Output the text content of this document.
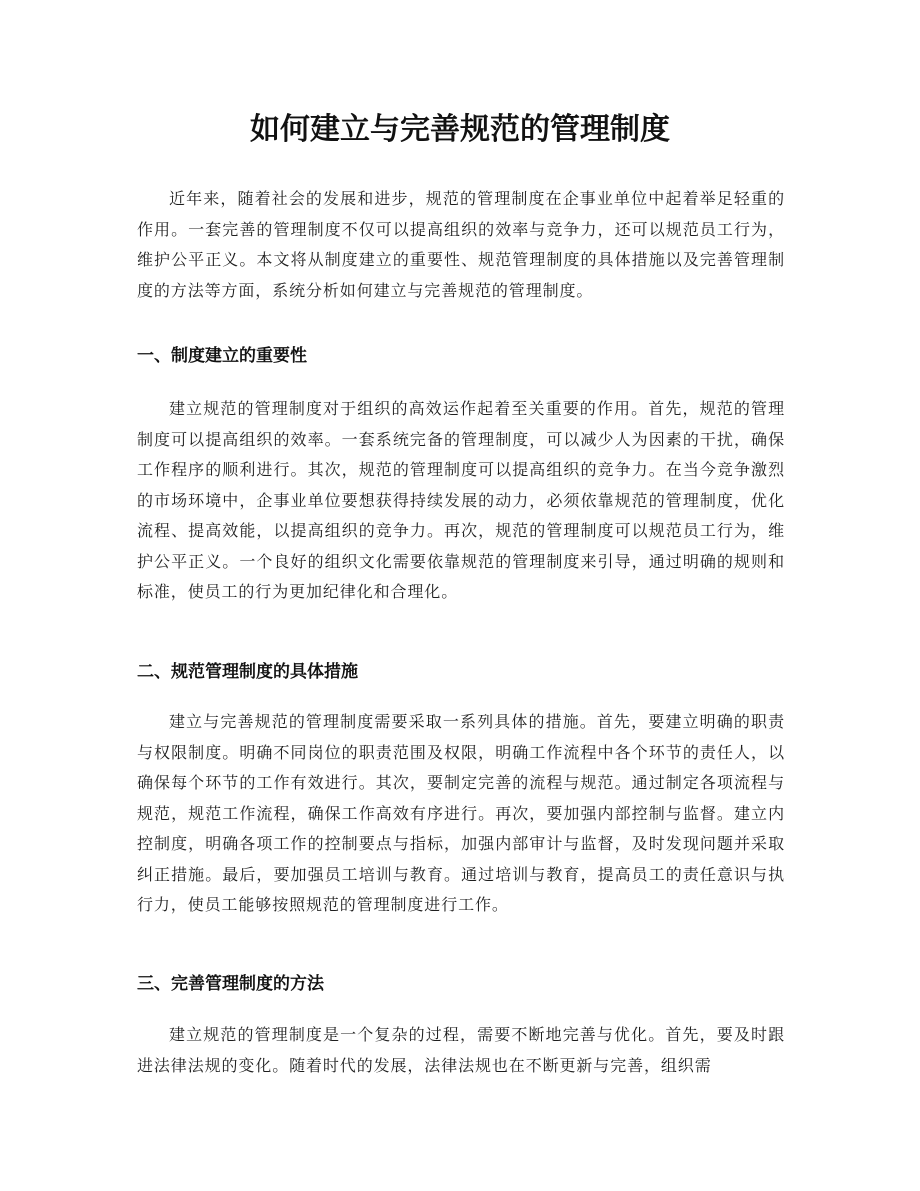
如何建立与完善规范的管理制度

近年来，随着社会的发展和进步，规范的管理制度在企事业单位中起着举足轻重的作用。一套完善的管理制度不仅可以提高组织的效率与竞争力，还可以规范员工行为，维护公平正义。本文将从制度建立的重要性、规范管理制度的具体措施以及完善管理制度的方法等方面，系统分析如何建立与完善规范的管理制度。

一、制度建立的重要性

建立规范的管理制度对于组织的高效运作起着至关重要的作用。首先，规范的管理制度可以提高组织的效率。一套系统完备的管理制度，可以减少人为因素的干扰，确保工作程序的顺利进行。其次，规范的管理制度可以提高组织的竞争力。在当今竞争激烈的市场环境中，企事业单位要想获得持续发展的动力，必须依靠规范的管理制度，优化流程、提高效能，以提高组织的竞争力。再次，规范的管理制度可以规范员工行为，维护公平正义。一个良好的组织文化需要依靠规范的管理制度来引导，通过明确的规则和标准，使员工的行为更加纪律化和合理化。

二、规范管理制度的具体措施

建立与完善规范的管理制度需要采取一系列具体的措施。首先，要建立明确的职责与权限制度。明确不同岗位的职责范围及权限，明确工作流程中各个环节的责任人，以确保每个环节的工作有效进行。其次，要制定完善的流程与规范。通过制定各项流程与规范，规范工作流程，确保工作高效有序进行。再次，要加强内部控制与监督。建立内控制度，明确各项工作的控制要点与指标，加强内部审计与监督，及时发现问题并采取纠正措施。最后，要加强员工培训与教育。通过培训与教育，提高员工的责任意识与执行力，使员工能够按照规范的管理制度进行工作。

三、完善管理制度的方法

建立规范的管理制度是一个复杂的过程，需要不断地完善与优化。首先，要及时跟进法律法规的变化。随着时代的发展，法律法规也在不断更新与完善，组织需
